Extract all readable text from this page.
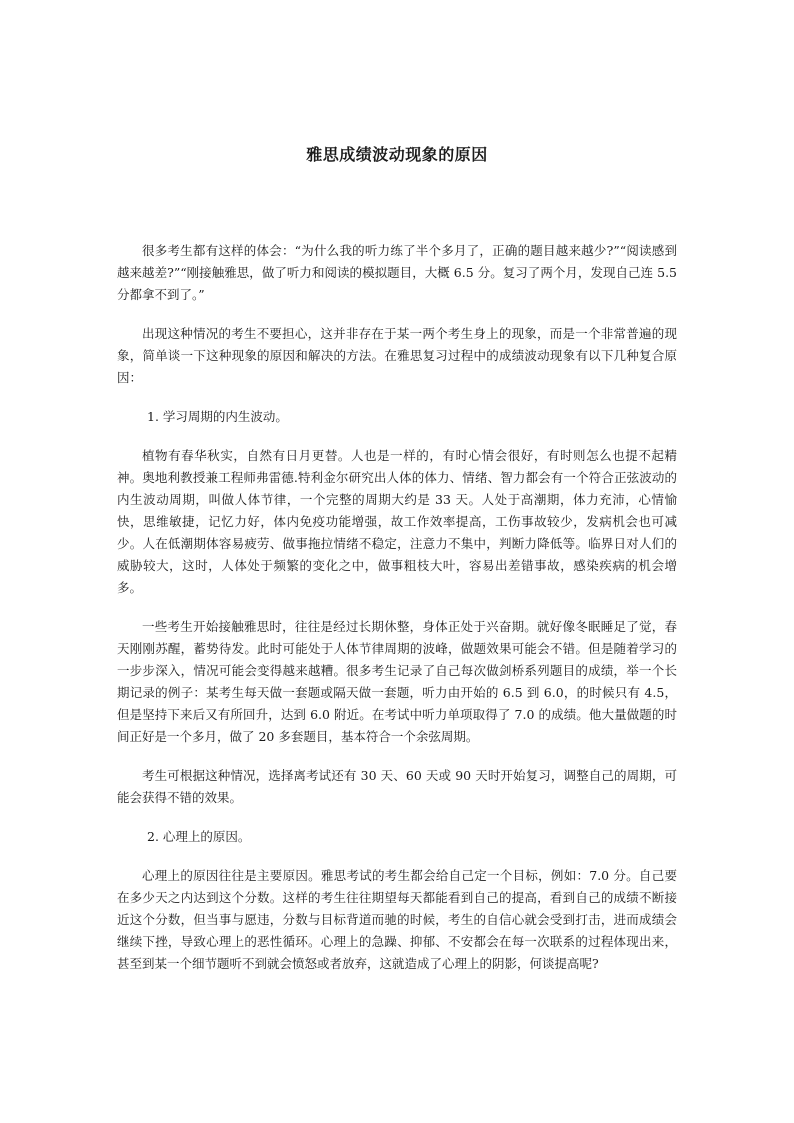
雅思成绩波动现象的原因

很多考生都有这样的体会：“为什么我的听力练了半个多月了，正确的题目越来越少?”“阅读感到越来越差?”“刚接触雅思，做了听力和阅读的模拟题目，大概 6.5 分。复习了两个月，发现自己连 5.5 分都拿不到了。”

出现这种情况的考生不要担心，这并非存在于某一两个考生身上的现象，而是一个非常普遍的现象，简单谈一下这种现象的原因和解决的方法。在雅思复习过程中的成绩波动现象有以下几种复合原因：

1. 学习周期的内生波动。

植物有春华秋实，自然有日月更替。人也是一样的，有时心情会很好，有时则怎么也提不起精神。奥地利教授兼工程师弗雷德.特利金尔研究出人体的体力、情绪、智力都会有一个符合正弦波动的内生波动周期，叫做人体节律，一个完整的周期大约是 33 天。人处于高潮期，体力充沛，心情愉快，思维敏捷，记忆力好，体内免疫功能增强，故工作效率提高，工伤事故较少，发病机会也可减少。人在低潮期体容易疲劳、做事拖拉情绪不稳定，注意力不集中，判断力降低等。临界日对人们的威胁较大，这时，人体处于频繁的变化之中，做事粗枝大叶，容易出差错事故，感染疾病的机会增多。

一些考生开始接触雅思时，往往是经过长期休整，身体正处于兴奋期。就好像冬眠睡足了觉，春天刚刚苏醒，蓄势待发。此时可能处于人体节律周期的波峰，做题效果可能会不错。但是随着学习的一步步深入，情况可能会变得越来越糟。很多考生记录了自己每次做剑桥系列题目的成绩，举一个长期记录的例子：某考生每天做一套题或隔天做一套题，听力由开始的 6.5 到 6.0，的时候只有 4.5，但是坚持下来后又有所回升，达到 6.0 附近。在考试中听力单项取得了 7.0 的成绩。他大量做题的时间正好是一个多月，做了 20 多套题目，基本符合一个余弦周期。

考生可根据这种情况，选择离考试还有 30 天、60 天或 90 天时开始复习，调整自己的周期，可能会获得不错的效果。

2. 心理上的原因。

心理上的原因往往是主要原因。雅思考试的考生都会给自己定一个目标，例如：7.0 分。自己要在多少天之内达到这个分数。这样的考生往往期望每天都能看到自己的提高，看到自己的成绩不断接近这个分数，但当事与愿违，分数与目标背道而驰的时候，考生的自信心就会受到打击，进而成绩会继续下挫，导致心理上的恶性循环。心理上的急躁、抑郁、不安都会在每一次联系的过程体现出来，甚至到某一个细节题听不到就会愤怒或者放弃，这就造成了心理上的阴影，何谈提高呢?
